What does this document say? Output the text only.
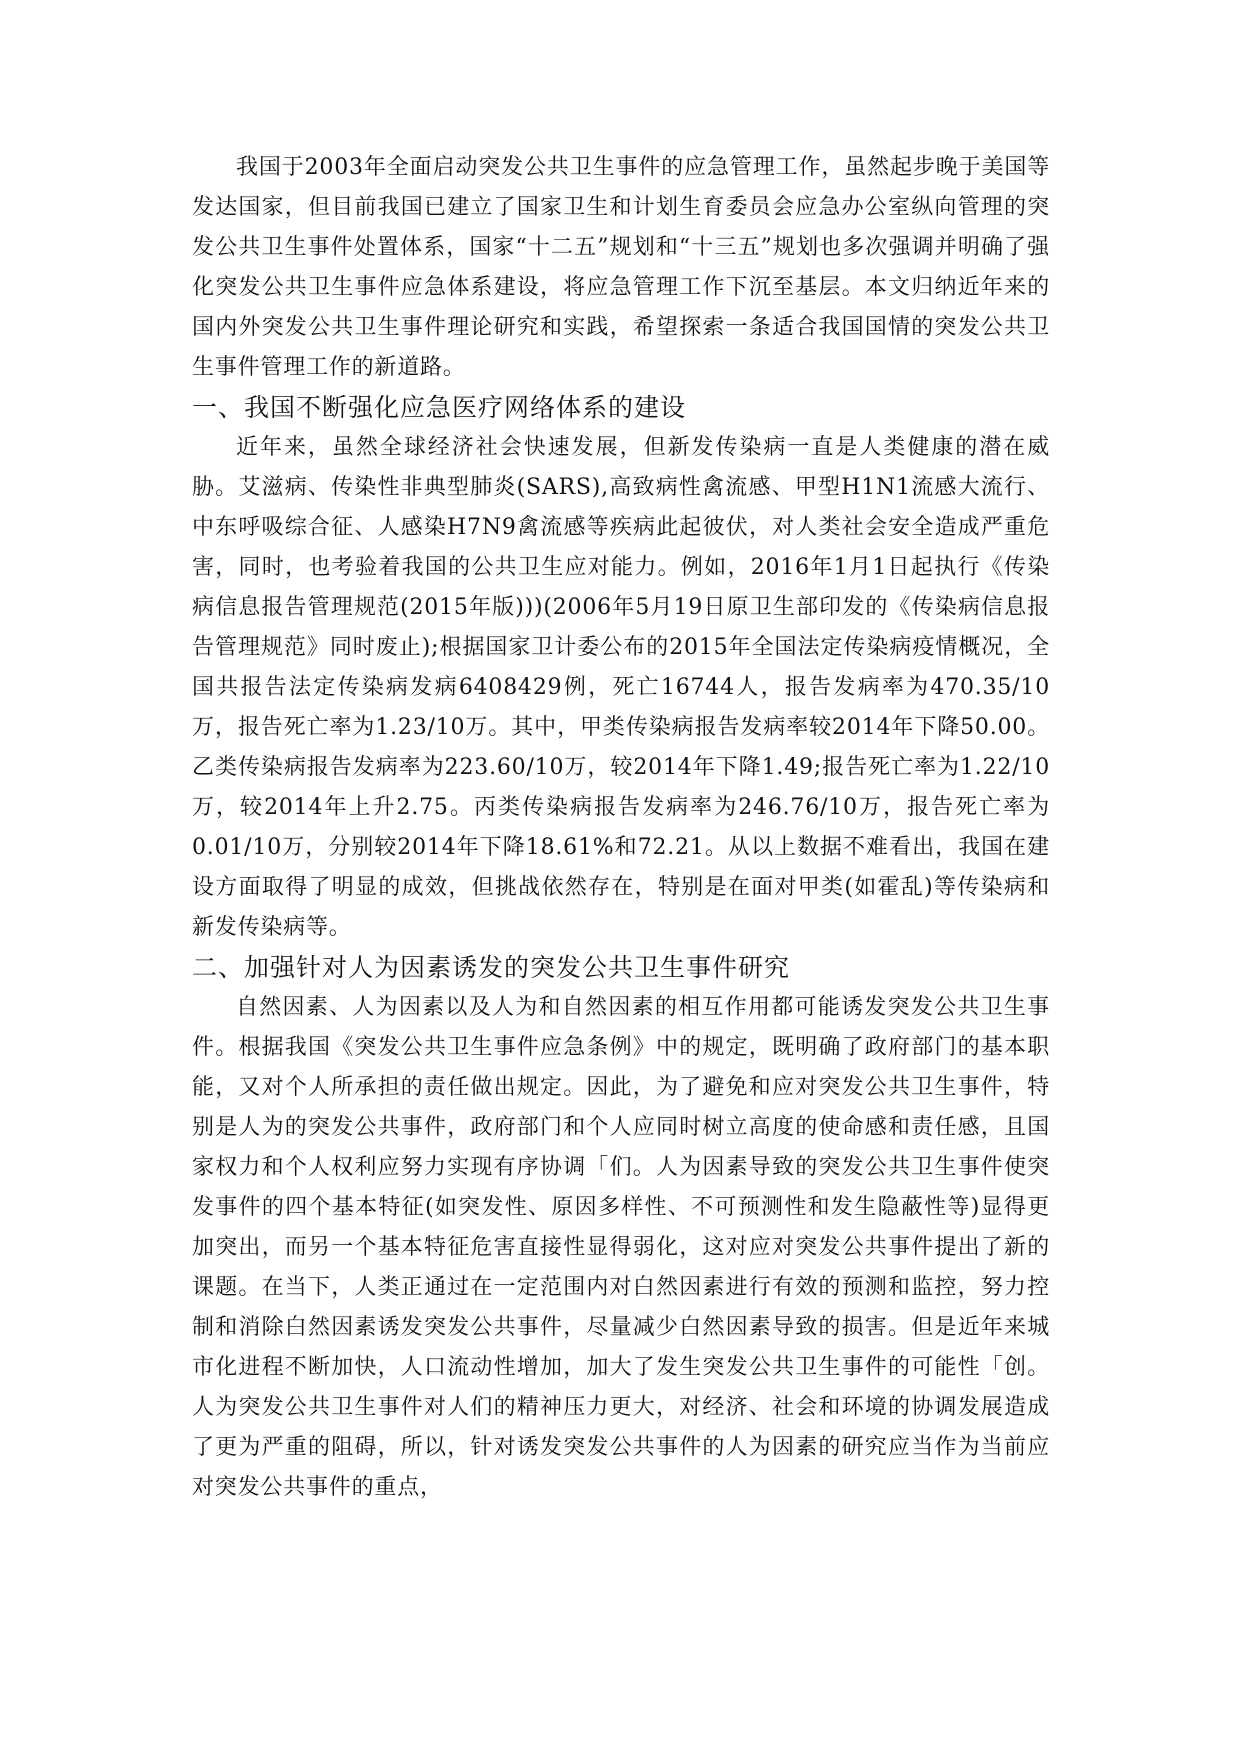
我国于2003年全面启动突发公共卫生事件的应急管理工作，虽然起步晚于美国等发达国家，但目前我国已建立了国家卫生和计划生育委员会应急办公室纵向管理的突发公共卫生事件处置体系，国家“十二五”规划和“十三五”规划也多次强调并明确了强化突发公共卫生事件应急体系建设，将应急管理工作下沉至基层。本文归纳近年来的国内外突发公共卫生事件理论研究和实践，希望探索一条适合我国国情的突发公共卫生事件管理工作的新道路。

一、我国不断强化应急医疗网络体系的建设

近年来，虽然全球经济社会快速发展，但新发传染病一直是人类健康的潜在威胁。艾滋病、传染性非典型肺炎(SARS),高致病性禽流感、甲型H1N1流感大流行、中东呼吸综合征、人感染H7N9禽流感等疾病此起彼伏，对人类社会安全造成严重危害，同时，也考验着我国的公共卫生应对能力。例如，2016年1月1日起执行《传染病信息报告管理规范(2015年版)))(2006年5月19日原卫生部印发的《传染病信息报告管理规范》同时废止);根据国家卫计委公布的2015年全国法定传染病疫情概况，全国共报告法定传染病发病6408429例，死亡16744人，报告发病率为470.35/10万，报告死亡率为1.23/10万。其中，甲类传染病报告发病率较2014年下降50.00。乙类传染病报告发病率为223.60/10万，较2014年下降1.49;报告死亡率为1.22/10万，较2014年上升2.75。丙类传染病报告发病率为246.76/10万，报告死亡率为0.01/10万，分别较2014年下降18.61%和72.21。从以上数据不难看出，我国在建设方面取得了明显的成效，但挑战依然存在，特别是在面对甲类(如霍乱)等传染病和新发传染病等。

二、加强针对人为因素诱发的突发公共卫生事件研究

自然因素、人为因素以及人为和自然因素的相互作用都可能诱发突发公共卫生事件。根据我国《突发公共卫生事件应急条例》中的规定，既明确了政府部门的基本职能，又对个人所承担的责任做出规定。因此，为了避免和应对突发公共卫生事件，特别是人为的突发公共事件，政府部门和个人应同时树立高度的使命感和责任感，且国家权力和个人权利应努力实现有序协调「们。人为因素导致的突发公共卫生事件使突发事件的四个基本特征(如突发性、原因多样性、不可预测性和发生隐蔽性等)显得更加突出，而另一个基本特征危害直接性显得弱化，这对应对突发公共事件提出了新的课题。在当下，人类正通过在一定范围内对白然因素进行有效的预测和监控，努力控制和消除白然因素诱发突发公共事件，尽量减少白然因素导致的损害。但是近年来城市化进程不断加快，人口流动性增加，加大了发生突发公共卫生事件的可能性「创。人为突发公共卫生事件对人们的精神压力更大，对经济、社会和环境的协调发展造成了更为严重的阻碍，所以，针对诱发突发公共事件的人为因素的研究应当作为当前应对突发公共事件的重点，
